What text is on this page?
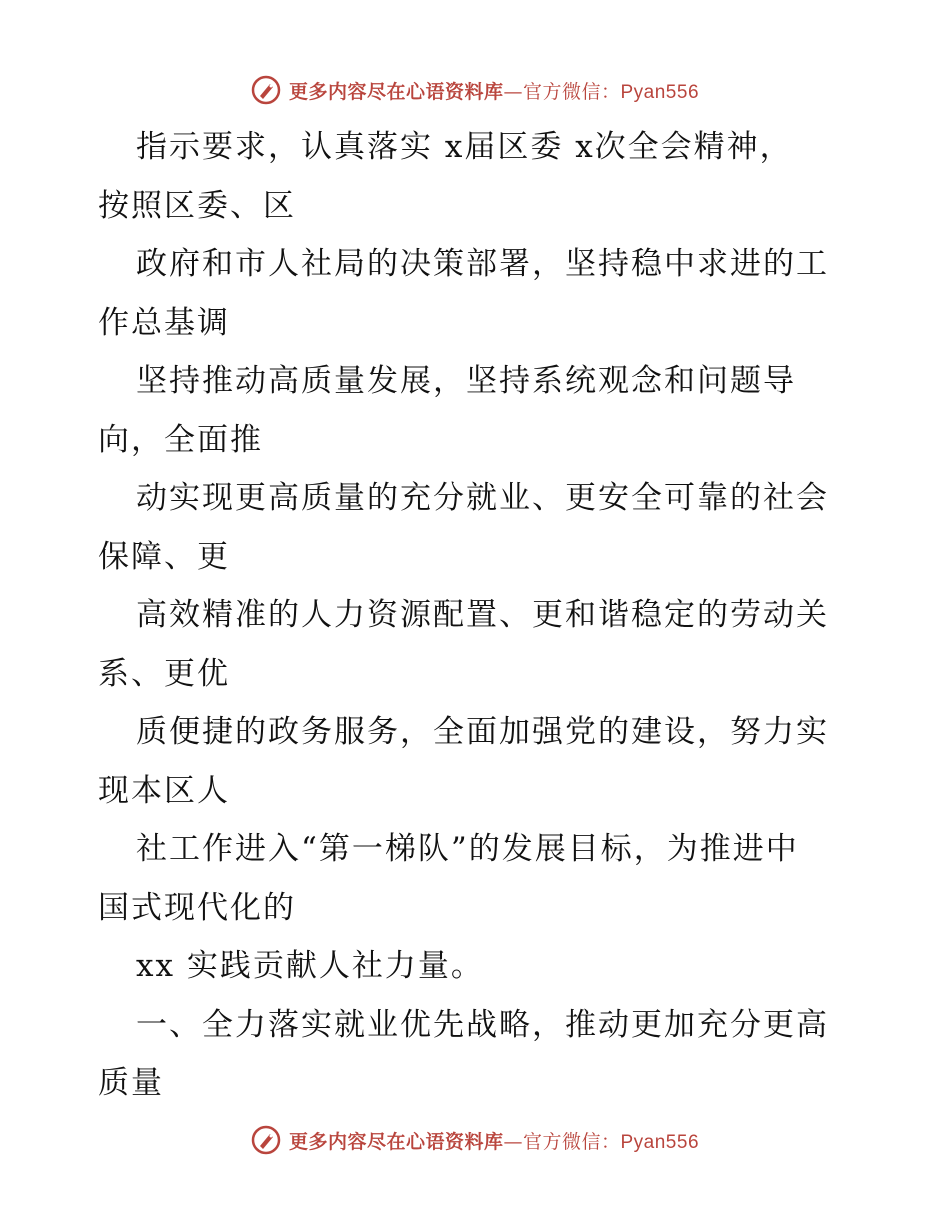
更多内容尽在心语资料库—官方微信：Pyan556
指示要求，认真落实 x届区委 x次全会精神，
按照区委、区
政府和市人社局的决策部署，坚持稳中求进的工
作总基调
坚持推动高质量发展，坚持系统观念和问题导
向，全面推
动实现更高质量的充分就业、更安全可靠的社会
保障、更
高效精准的人力资源配置、更和谐稳定的劳动关
系、更优
质便捷的政务服务，全面加强党的建设，努力实
现本区人
社工作进入“第一梯队”的发展目标，为推进中
国式现代化的
xx 实践贡献人社力量。
一、全力落实就业优先战略，推动更加充分更高
质量
更多内容尽在心语资料库—官方微信：Pyan556
